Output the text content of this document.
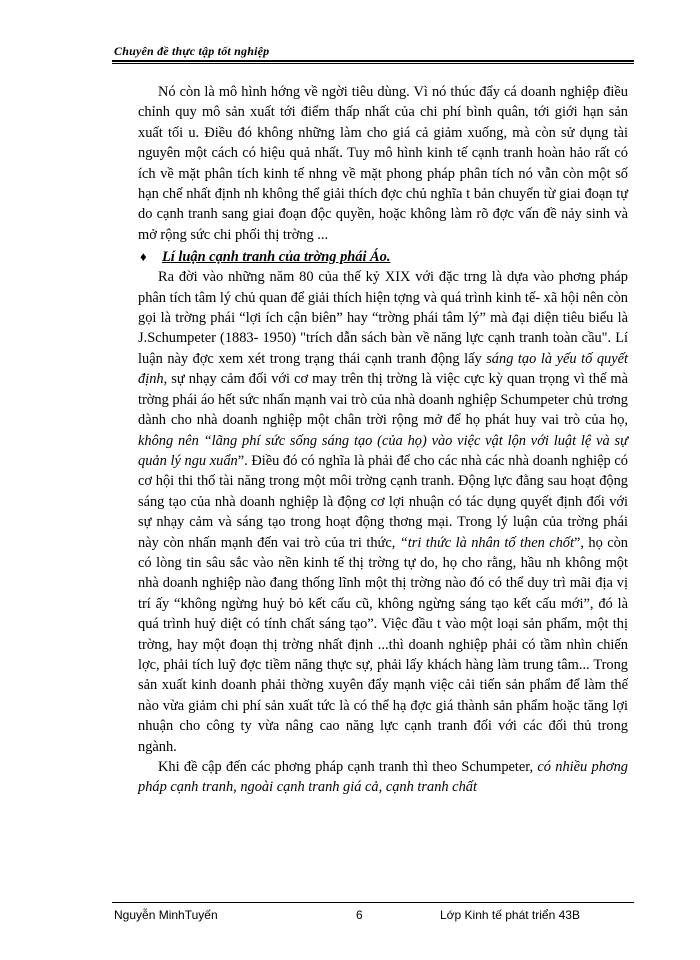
Chuyên đề thực tập tốt nghiệp

Nó còn là mô hình hớng về ngời tiêu dùng. Vì nó thúc đẩy cá doanh nghiệp điều chỉnh quy mô sản xuất tới điểm thấp nhất của chi phí bình quân, tới giới hạn sản xuất tối u. Điều đó không những làm cho giá cả giảm xuống, mà còn sử dụng tài nguyên một cách có hiệu quả nhất. Tuy mô hình kinh tế cạnh tranh hoàn hảo rất có ích về mặt phân tích kinh tế nhng về mặt phong pháp phân tích nó vẫn còn một số hạn chế nhất định nh không thể giải thích đợc chủ nghĩa t bản chuyển từ giai đoạn tự do cạnh tranh sang giai đoạn độc quyền, hoặc không làm rõ đợc vấn đề nảy sinh và mở rộng sức chi phối thị trờng ...

♦ Lí luận cạnh tranh của trờng phái Áo.

Ra đời vào những năm 80 của thế kỷ XIX với đặc trng là dựa vào phơng pháp phân tích tâm lý chủ quan để giải thích hiện tợng và quá trình kinh tế- xã hội nên còn gọi là trờng phái “lợi ích cận biên” hay “trờng phái tâm lý” mà đại diện tiêu biểu là J.Schumpeter (1883- 1950) "trích dẫn sách bàn về năng lực cạnh tranh toàn cầu". Lí luận này đợc xem xét trong trạng thái cạnh tranh động lấy sáng tạo là yếu tố quyết định, sự nhạy cảm đối với cơ may trên thị trờng là việc cực kỳ quan trọng vì thế mà trờng phái áo hết sức nhấn mạnh vai trò của nhà doanh nghiệp Schumpeter chủ trơng dành cho nhà doanh nghiệp một chân trời rộng mở để họ phát huy vai trò của họ, không nên “lãng phí sức sống sáng tạo (của họ) vào việc vật lộn với luật lệ và sự quản lý ngu xuẩn”. Điều đó có nghĩa là phải để cho các nhà các nhà doanh nghiệp có cơ hội thi thố tài năng trong một môi trờng cạnh tranh. Động lực đằng sau hoạt động sáng tạo của nhà doanh nghiệp là động cơ lợi nhuận có tác dụng quyết định đối với sự nhạy cảm và sáng tạo trong hoạt động thơng mại. Trong lý luận của trờng phái này còn nhấn mạnh đến vai trò của tri thức, “tri thức là nhân tố then chốt”, họ còn có lòng tin sâu sắc vào nền kinh tế thị trờng tự do, họ cho rằng, hầu nh không một nhà doanh nghiệp nào đang thống lĩnh một thị trờng nào đó có thể duy trì mãi địa vị trí ấy “không ngừng huỷ bỏ kết cấu cũ, không ngừng sáng tạo kết cấu mới”, đó là quá trình huỷ diệt có tính chất sáng tạo”. Việc đầu t vào một loại sản phẩm, một thị trờng, hay một đoạn thị trờng nhất định ...thì doanh nghiệp phải có tầm nhìn chiến lợc, phải tích luỹ đợc tiềm năng thực sự, phải lấy khách hàng làm trung tâm... Trong sản xuất kinh doanh phải thờng xuyên đẩy mạnh việc cải tiến sản phẩm để làm thế nào vừa giảm chi phí sản xuất tức là có thể hạ đợc giá thành sản phẩm hoặc tăng lợi nhuận cho công ty vừa nâng cao năng lực cạnh tranh đối với các đối thủ trong ngành.

Khi đề cập đến các phơng pháp cạnh tranh thì theo Schumpeter, có nhiều phơng pháp cạnh tranh, ngoài cạnh tranh giá cả, cạnh tranh chất

Nguyễn MinhTuyến	6	Lớp Kinh tế phát triển 43B
